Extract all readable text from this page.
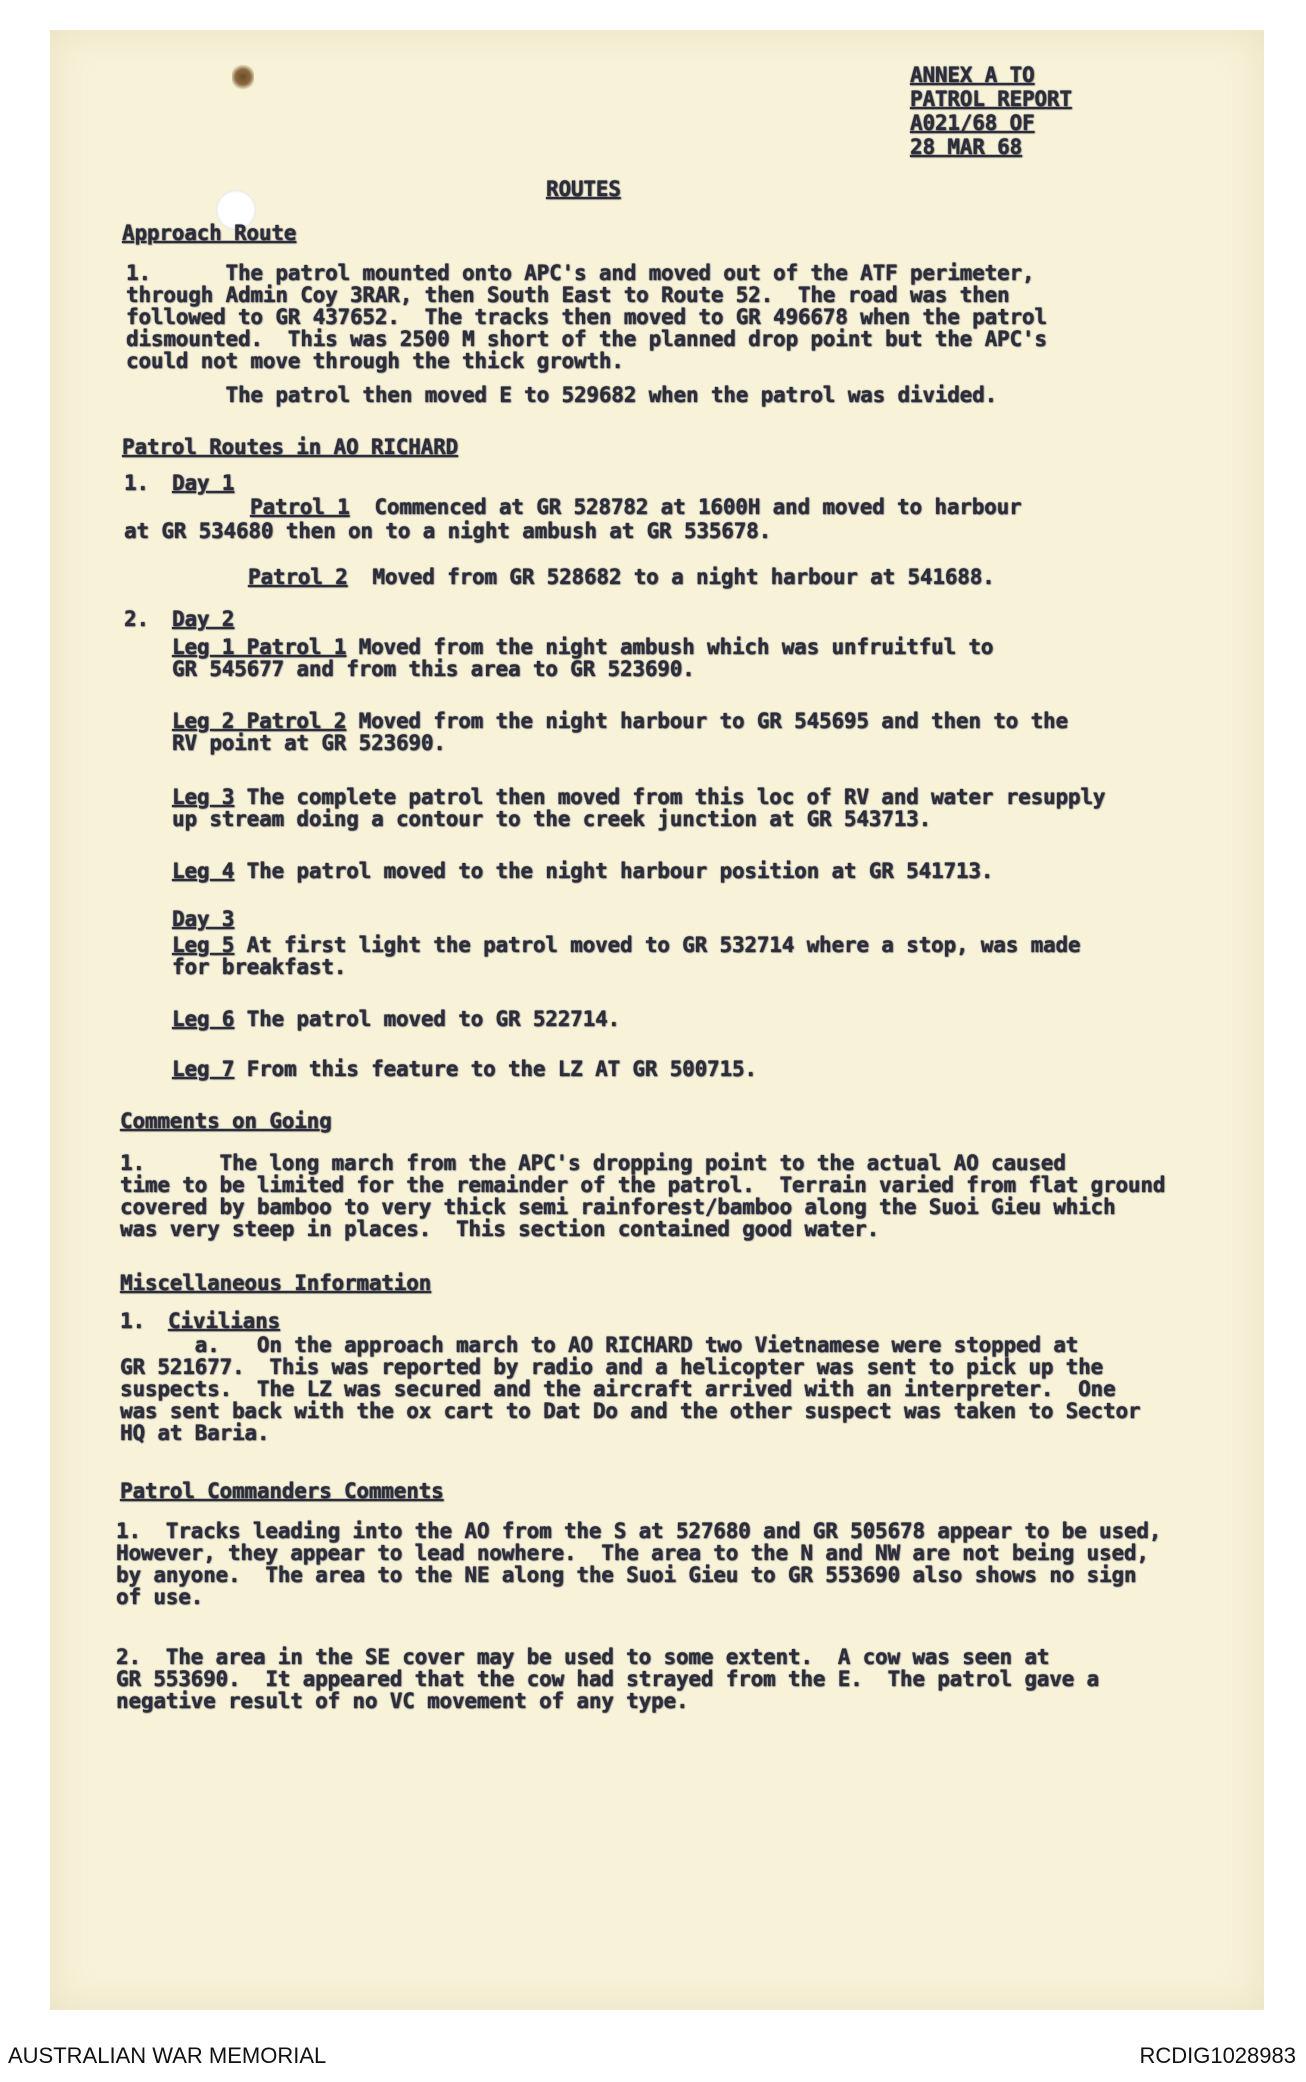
ANNEX A TO
PATROL REPORT
A021/68 OF
28 MAR 68
ROUTES
Approach Route
1.      The patrol mounted onto APC's and moved out of the ATF perimeter,
through Admin Coy 3RAR, then South East to Route 52.  The road was then
followed to GR 437652.  The tracks then moved to GR 496678 when the patrol
dismounted.  This was 2500 M short of the planned drop point but the APC's
could not move through the thick growth.
The patrol then moved E to 529682 when the patrol was divided.
Patrol Routes in AO RICHARD
1. Day 1
Patrol 1  Commenced at GR 528782 at 1600H and moved to harbour
at GR 534680 then on to a night ambush at GR 535678.
Patrol 2  Moved from GR 528682 to a night harbour at 541688.
2. Day 2
Leg 1 Patrol 1 Moved from the night ambush which was unfruitful to
GR 545677 and from this area to GR 523690.
Leg 2 Patrol 2 Moved from the night harbour to GR 545695 and then to the
RV point at GR 523690.
Leg 3 The complete patrol then moved from this loc of RV and water resupply
up stream doing a contour to the creek junction at GR 543713.
Leg 4 The patrol moved to the night harbour position at GR 541713.
Day 3
Leg 5 At first light the patrol moved to GR 532714 where a stop, was made
for breakfast.
Leg 6 The patrol moved to GR 522714.
Leg 7 From this feature to the LZ AT GR 500715.
Comments on Going
1.      The long march from the APC's dropping point to the actual AO caused
time to be limited for the remainder of the patrol.  Terrain varied from flat ground
covered by bamboo to very thick semi rainforest/bamboo along the Suoi Gieu which
was very steep in places.  This section contained good water.
Miscellaneous Information
1. Civilians
a.   On the approach march to AO RICHARD two Vietnamese were stopped at
GR 521677.  This was reported by radio and a helicopter was sent to pick up the
suspects.  The LZ was secured and the aircraft arrived with an interpreter.  One
was sent back with the ox cart to Dat Do and the other suspect was taken to Sector
HQ at Baria.
Patrol Commanders Comments
1.  Tracks leading into the AO from the S at 527680 and GR 505678 appear to be used,
However, they appear to lead nowhere.  The area to the N and NW are not being used,
by anyone.  The area to the NE along the Suoi Gieu to GR 553690 also shows no sign
of use.
2.  The area in the SE cover may be used to some extent.  A cow was seen at
GR 553690.  It appeared that the cow had strayed from the E.  The patrol gave a
negative result of no VC movement of any type.
AUSTRALIAN WAR MEMORIAL	RCDIG1028983
